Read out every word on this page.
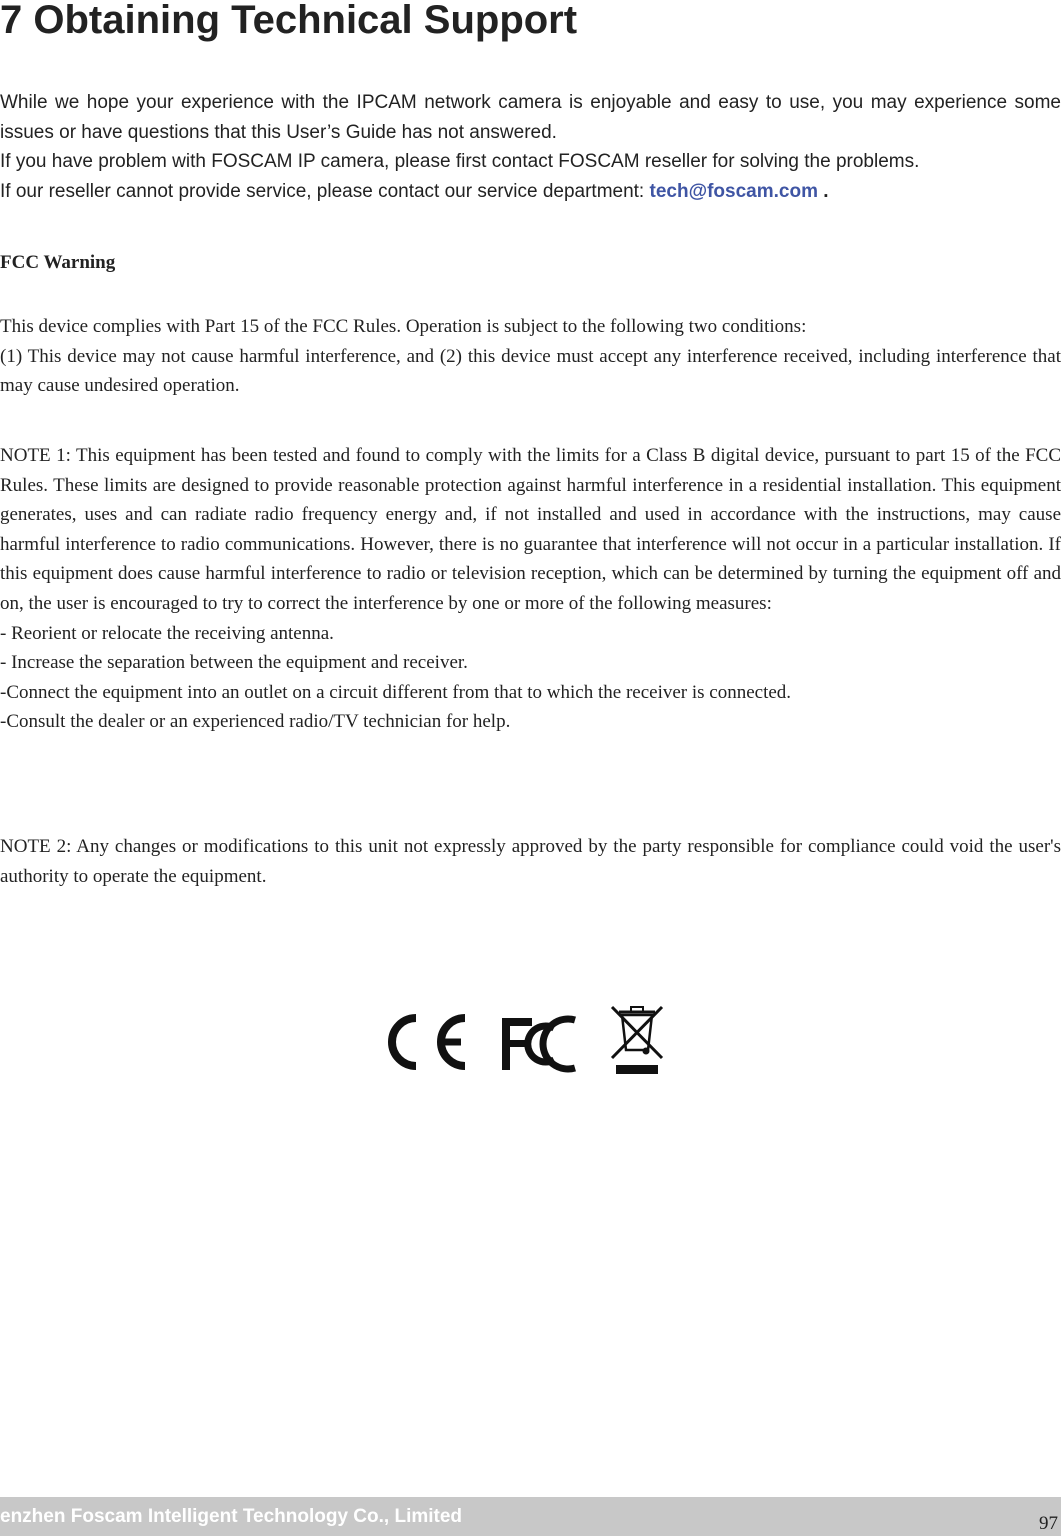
7 Obtaining Technical Support

While we hope your experience with the IPCAM network camera is enjoyable and easy to use, you may experience some issues or have questions that this User’s Guide has not answered.

If you have problem with FOSCAM IP camera, please first contact FOSCAM reseller for solving the problems.

If our reseller cannot provide service, please contact our service department: tech@foscam.com .

FCC Warning

This device complies with Part 15 of the FCC Rules. Operation is subject to the following two conditions:

(1) This device may not cause harmful interference, and (2) this device must accept any interference received, including interference that may cause undesired operation.

NOTE 1: This equipment has been tested and found to comply with the limits for a Class B digital device, pursuant to part 15 of the FCC Rules. These limits are designed to provide reasonable protection against harmful interference in a residential installation. This equipment generates, uses and can radiate radio frequency energy and, if not installed and used in accordance with the instructions, may cause harmful interference to radio communications. However, there is no guarantee that interference will not occur in a particular installation. If this equipment does cause harmful interference to radio or television reception, which can be determined by turning the equipment off and on, the user is encouraged to try to correct the interference by one or more of the following measures:

- Reorient or relocate the receiving antenna.

- Increase the separation between the equipment and receiver.

-Connect the equipment into an outlet on a circuit different from that to which the receiver is connected.

-Consult the dealer or an experienced radio/TV technician for help.

NOTE 2: Any changes or modifications to this unit not expressly approved by the party responsible for compliance could void the user's authority to operate the equipment.

enzhen Foscam Intelligent Technology Co., Limited	97
